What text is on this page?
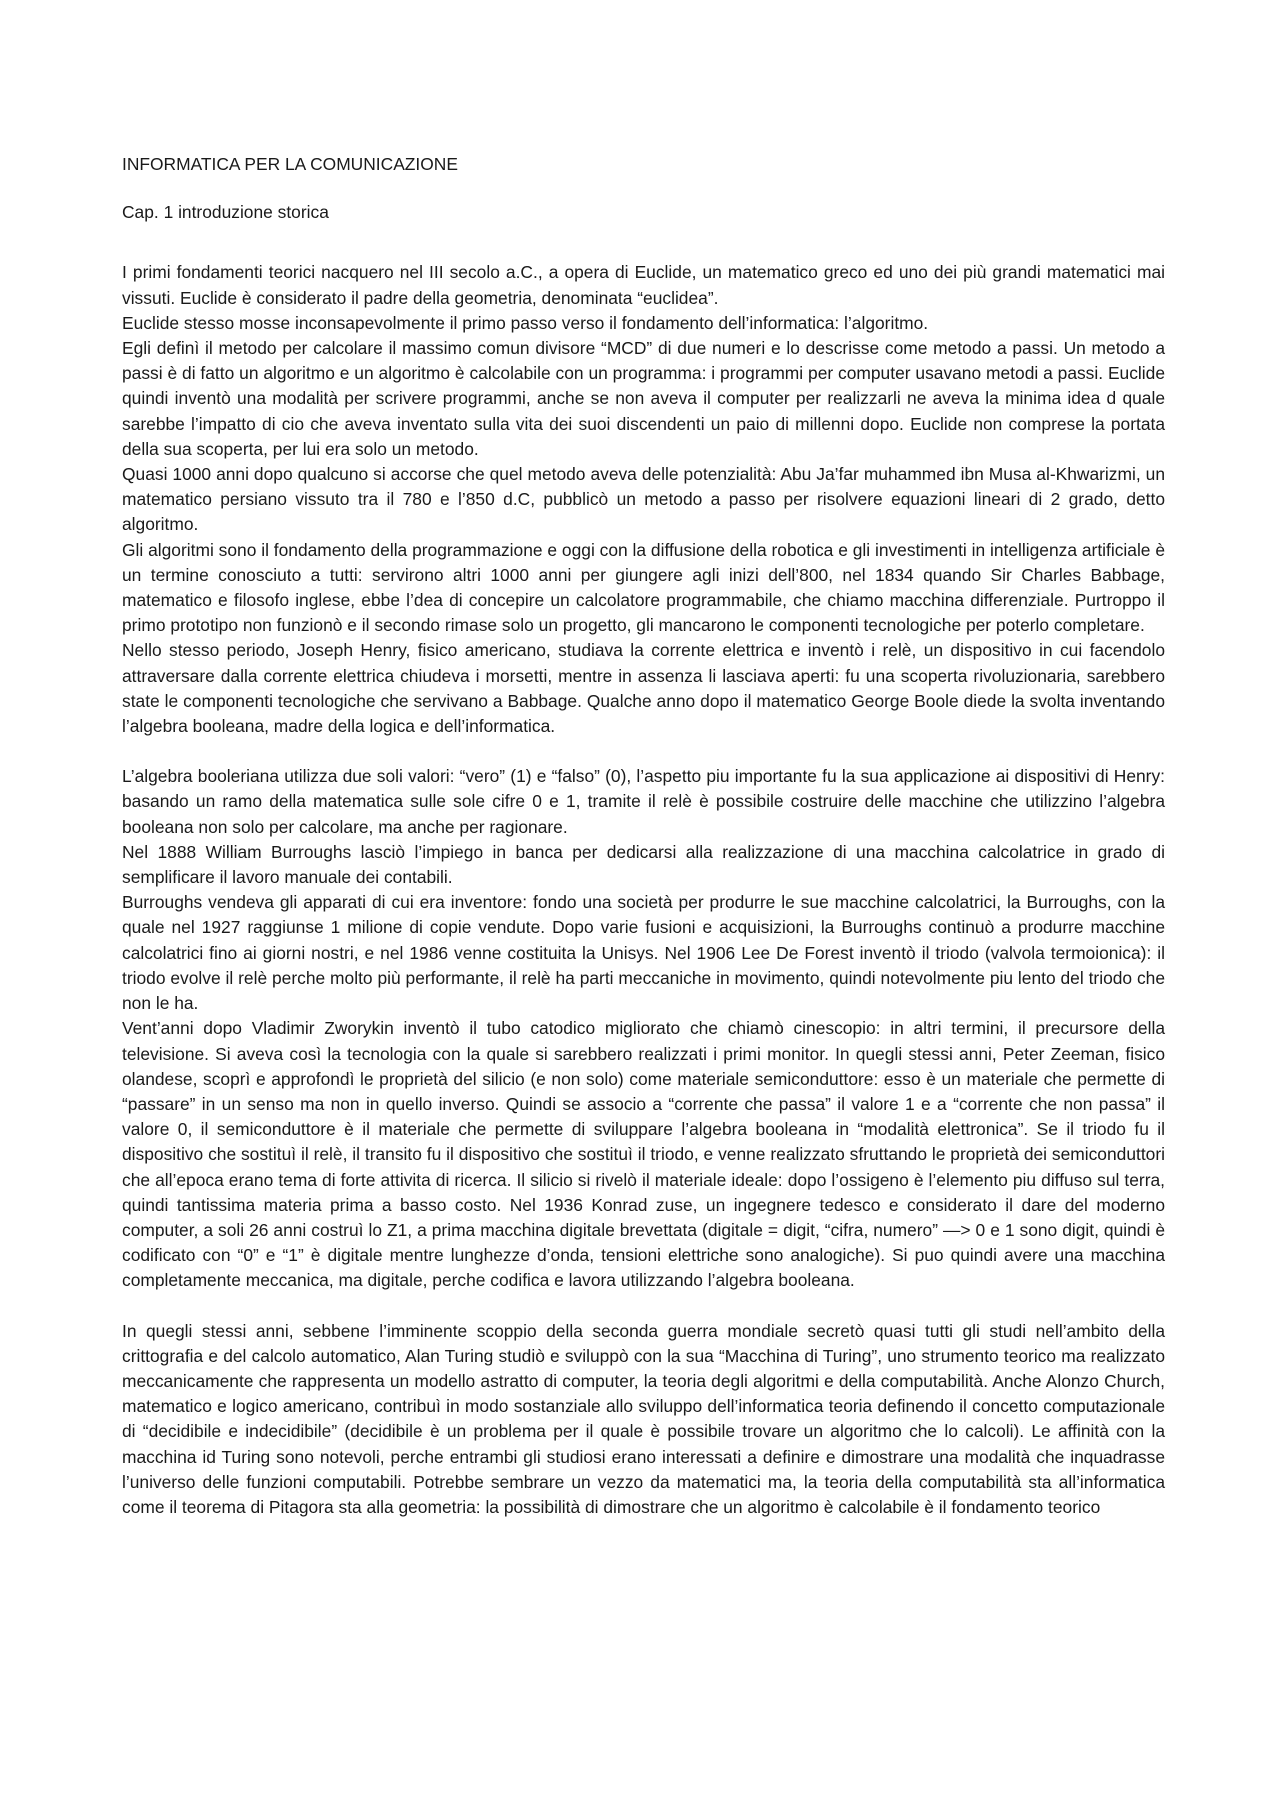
INFORMATICA PER LA COMUNICAZIONE
Cap. 1 introduzione storica

I primi fondamenti teorici nacquero nel III secolo a.C., a opera di Euclide, un matematico greco ed uno dei più grandi matematici mai vissuti. Euclide è considerato il padre della geometria, denominata “euclidea”.

Euclide stesso mosse inconsapevolmente il primo passo verso il fondamento dell’informatica: l’algoritmo.

Egli definì il metodo per calcolare il massimo comun divisore “MCD” di due numeri e lo descrisse come metodo a passi. Un metodo a passi è di fatto un algoritmo e un algoritmo è calcolabile con un programma: i programmi per computer usavano metodi a passi. Euclide quindi inventò una modalità per scrivere programmi, anche se non aveva il computer per realizzarli ne aveva la minima idea d quale sarebbe l’impatto di cio che aveva inventato sulla vita dei suoi discendenti un paio di millenni dopo. Euclide non comprese la portata della sua scoperta, per lui era solo un metodo.

Quasi 1000 anni dopo qualcuno si accorse che quel metodo aveva delle potenzialità: Abu Ja’far muhammed ibn Musa al-Khwarizmi, un matematico persiano vissuto tra il 780 e l’850 d.C, pubblicò un metodo a passo per risolvere equazioni lineari di 2 grado, detto algoritmo.

Gli algoritmi sono il fondamento della programmazione e oggi con la diffusione della robotica e gli investimenti in intelligenza artificiale è un termine conosciuto a tutti: servirono altri 1000 anni per giungere agli inizi dell’800, nel 1834 quando Sir Charles Babbage, matematico e filosofo inglese, ebbe l’dea di concepire un calcolatore programmabile, che chiamo macchina differenziale. Purtroppo il primo prototipo non funzionò e il secondo rimase solo un progetto, gli mancarono le componenti tecnologiche per poterlo completare.

Nello stesso periodo, Joseph Henry, fisico americano, studiava la corrente elettrica e inventò i relè, un dispositivo in cui facendolo attraversare dalla corrente elettrica chiudeva i morsetti, mentre in assenza li lasciava aperti: fu una scoperta rivoluzionaria, sarebbero state le componenti tecnologiche che servivano a Babbage. Qualche anno dopo il matematico George Boole diede la svolta inventando l’algebra booleana, madre della logica e dell’informatica.

L’algebra booleriana utilizza due soli valori: “vero” (1) e “falso” (0), l’aspetto piu importante fu la sua applicazione ai dispositivi di Henry: basando un ramo della matematica sulle sole cifre 0 e 1, tramite il relè è possibile costruire delle macchine che utilizzino l’algebra booleana non solo per calcolare, ma anche per ragionare.

Nel 1888 William Burroughs lasciò l’impiego in banca per dedicarsi alla realizzazione di una macchina calcolatrice in grado di semplificare il lavoro manuale dei contabili.

Burroughs vendeva gli apparati di cui era inventore: fondo una società per produrre le sue macchine calcolatrici, la Burroughs, con la quale nel 1927 raggiunse 1 milione di copie vendute. Dopo varie fusioni e acquisizioni, la Burroughs continuò a produrre macchine calcolatrici fino ai giorni nostri, e nel 1986 venne costituita la Unisys. Nel 1906 Lee De Forest inventò il triodo (valvola termoionica): il triodo evolve il relè perche molto più performante, il relè ha parti meccaniche in movimento, quindi notevolmente piu lento del triodo che non le ha.

Vent’anni dopo Vladimir Zworykin inventò il tubo catodico migliorato che chiamò cinescopio: in altri termini, il precursore della televisione. Si aveva così la tecnologia con la quale si sarebbero realizzati i primi monitor. In quegli stessi anni, Peter Zeeman, fisico olandese, scoprì e approfondì le proprietà del silicio (e non solo) come materiale semiconduttore: esso è un materiale che permette di “passare” in un senso ma non in quello inverso. Quindi se associo a “corrente che passa” il valore 1 e a “corrente che non passa” il valore 0, il semiconduttore è il materiale che permette di sviluppare l’algebra booleana in “modalità elettronica”. Se il triodo fu il dispositivo che sostituì il relè, il transito fu il dispositivo che sostituì il triodo, e venne realizzato sfruttando le proprietà dei semiconduttori che all’epoca erano tema di forte attivita di ricerca. Il silicio si rivelò il materiale ideale: dopo l’ossigeno è l’elemento piu diffuso sul terra, quindi tantissima materia prima a basso costo. Nel 1936 Konrad zuse, un ingegnere tedesco e considerato il dare del moderno computer, a soli 26 anni costruì lo Z1, a prima macchina digitale brevettata (digitale = digit, “cifra, numero” —> 0 e 1 sono digit, quindi è codificato con “0” e “1” è digitale mentre lunghezze d’onda, tensioni elettriche sono analogiche). Si puo quindi avere una macchina completamente meccanica, ma digitale, perche codifica e lavora utilizzando l’algebra booleana.

In quegli stessi anni, sebbene l’imminente scoppio della seconda guerra mondiale secretò quasi tutti gli studi nell’ambito della crittografia e del calcolo automatico, Alan Turing studiò e sviluppò con la sua “Macchina di Turing”, uno strumento teorico ma realizzato meccanicamente che rappresenta un modello astratto di computer, la teoria degli algoritmi e della computabilità. Anche Alonzo Church, matematico e logico americano, contribuì in modo sostanziale allo sviluppo dell’informatica teoria definendo il concetto computazionale di “decidibile e indecidibile” (decidibile è un problema per il quale è possibile trovare un algoritmo che lo calcoli). Le affinità con la macchina id Turing sono notevoli, perche entrambi gli studiosi erano interessati a definire e dimostrare una modalità che inquadrasse l’universo delle funzioni computabili. Potrebbe sembrare un vezzo da matematici ma, la teoria della computabilità sta all’informatica come il teorema di Pitagora sta alla geometria: la possibilità di dimostrare che un algoritmo è calcolabile è il fondamento teorico
